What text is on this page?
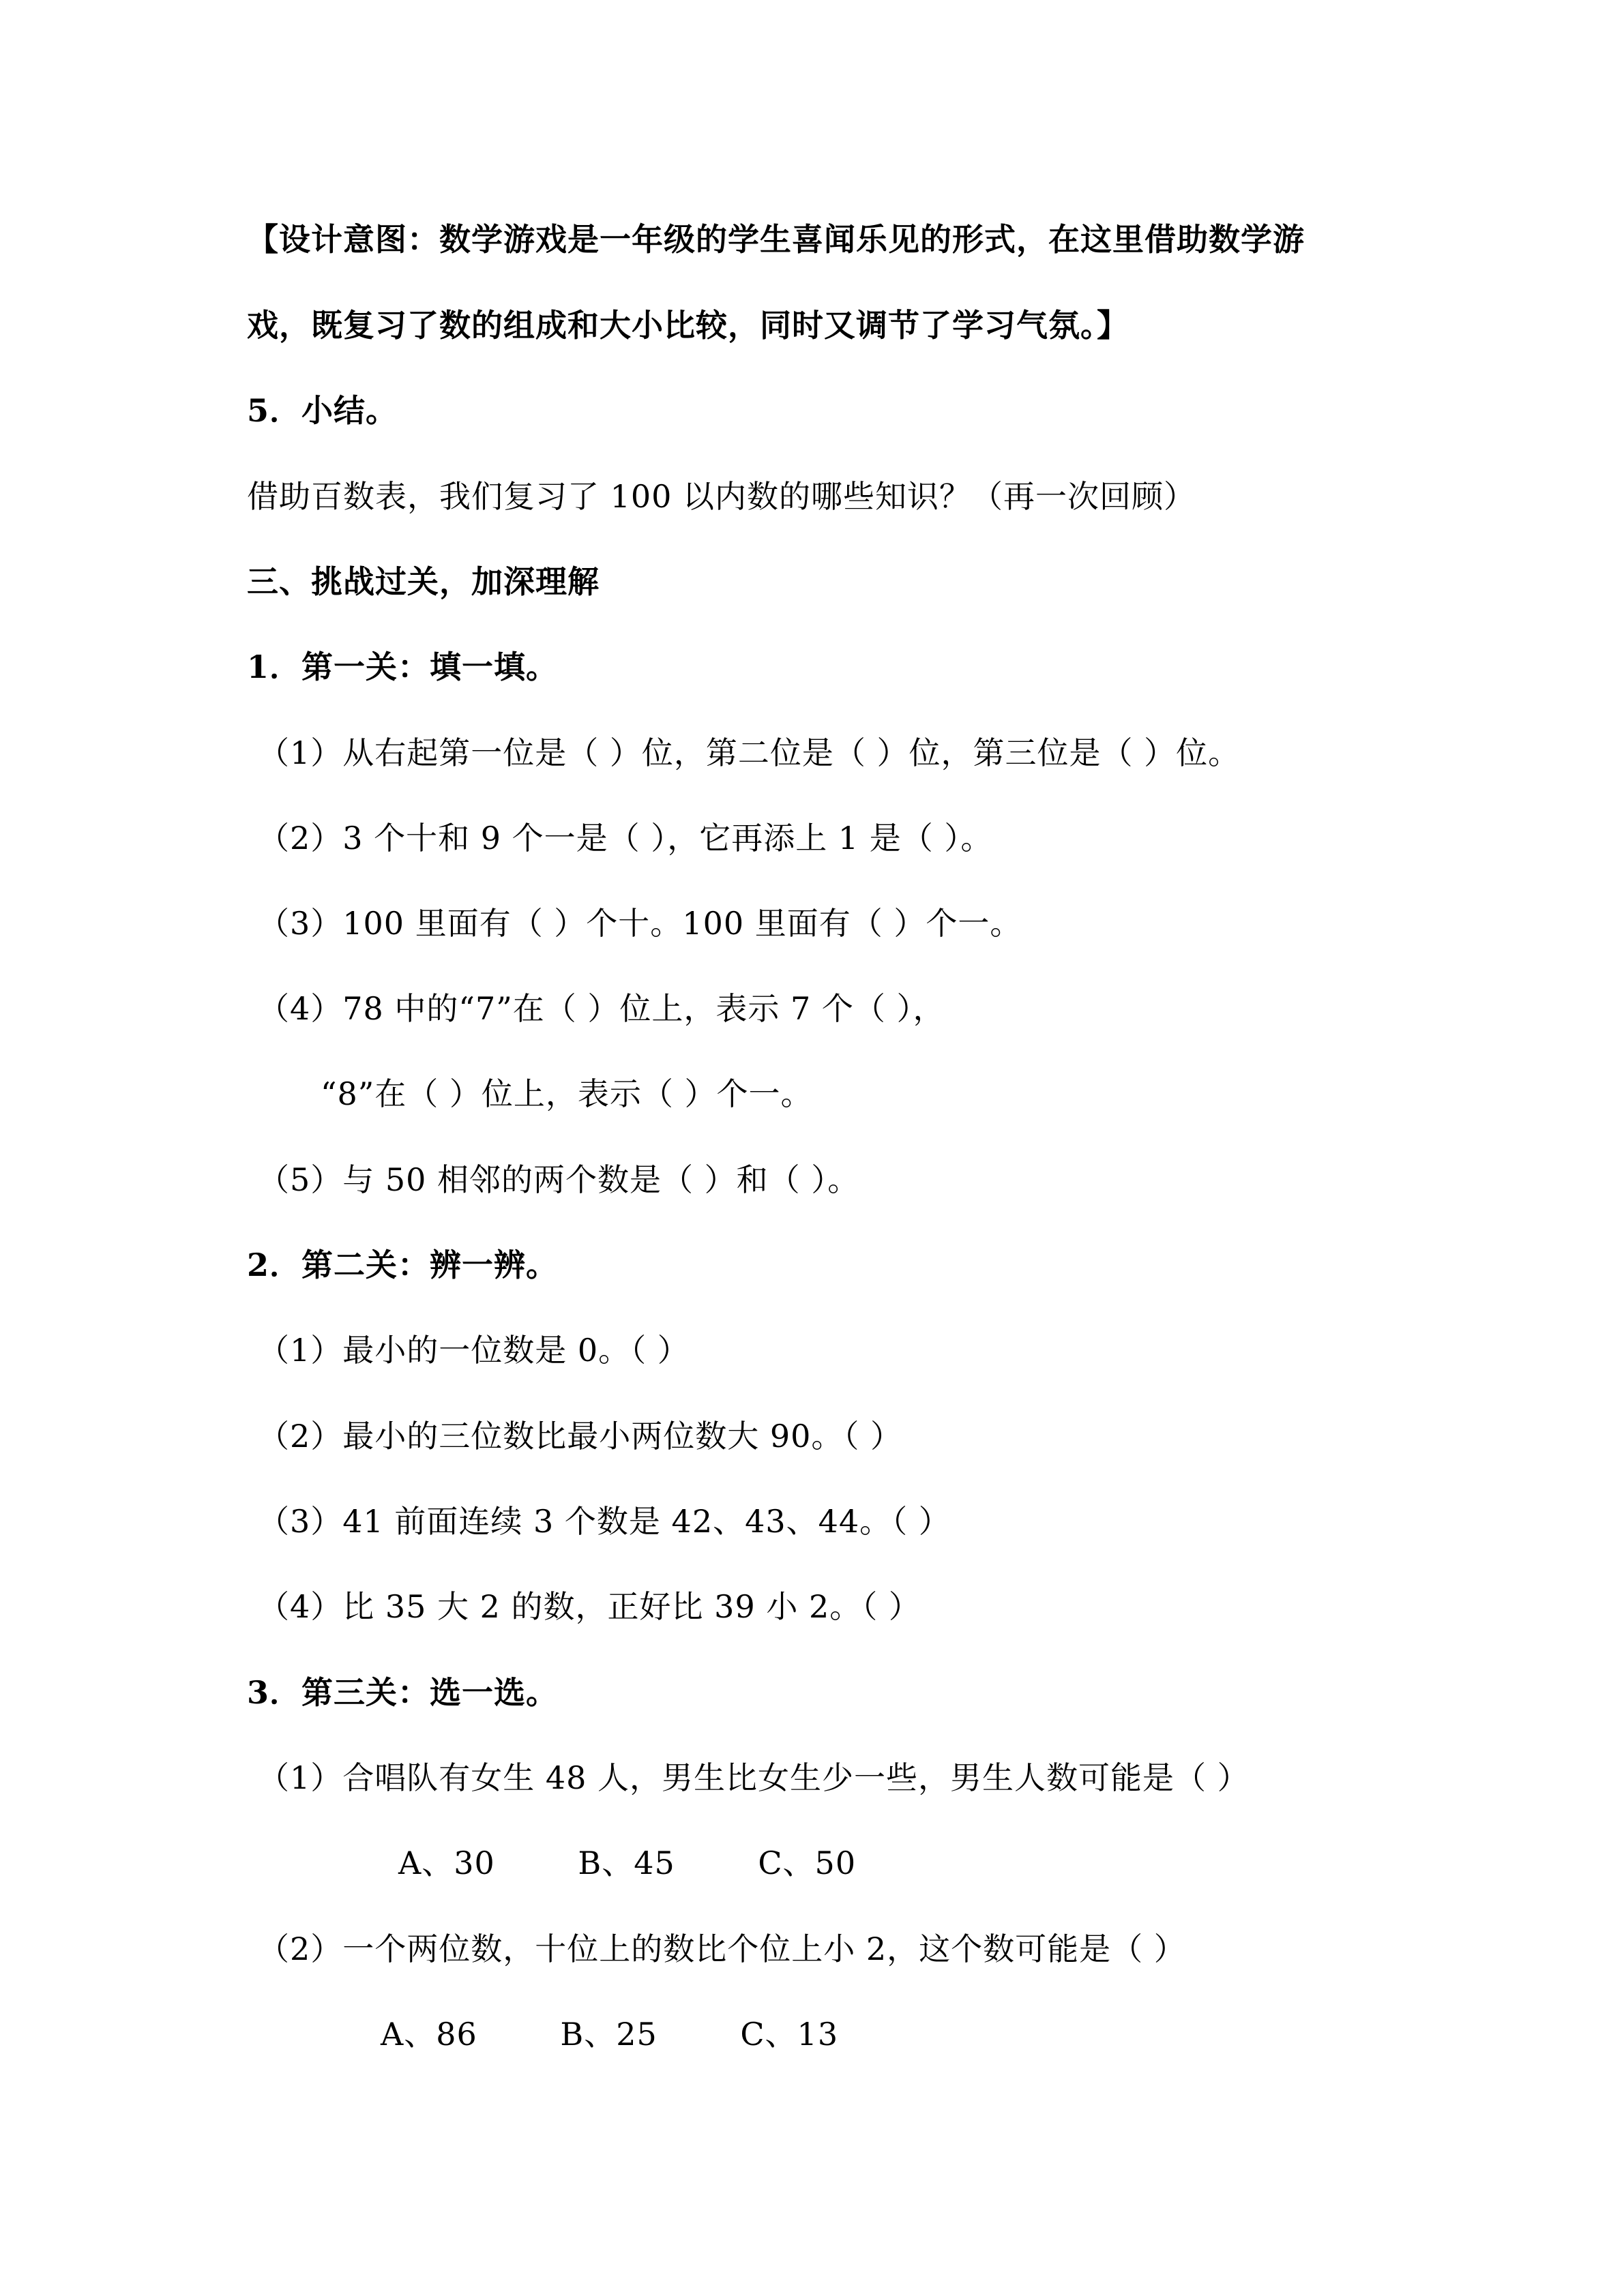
【设计意图：数学游戏是一年级的学生喜闻乐见的形式，在这里借助数学游
戏，既复习了数的组成和大小比较，同时又调节了学习气氛。】
5．小结。
借助百数表，我们复习了 100 以内数的哪些知识？（再一次回顾）
三、挑战过关，加深理解
1．第一关：填一填。
（1）从右起第一位是（ ）位，第二位是（ ）位，第三位是（ ）位。
（2）3 个十和 9 个一是（ ），它再添上 1 是（ ）。
（3）100 里面有（ ）个十。100 里面有（ ）个一。
（4）78 中的“7”在（ ）位上，表示 7 个（ ），
“8”在（ ）位上，表示（ ）个一。
（5）与 50 相邻的两个数是（ ）和（ ）。
2．第二关：辨一辨。
（1）最小的一位数是 0。（ ）
（2）最小的三位数比最小两位数大 90。（ ）
（3）41 前面连续 3 个数是 42、43、44。（ ）
（4）比 35 大 2 的数，正好比 39 小 2。（ ）
3．第三关：选一选。
（1）合唱队有女生 48 人，男生比女生少一些，男生人数可能是（ ）
A、30	B、45	C、50
（2）一个两位数，十位上的数比个位上小 2，这个数可能是（ ）
A、86	B、25	C、13
